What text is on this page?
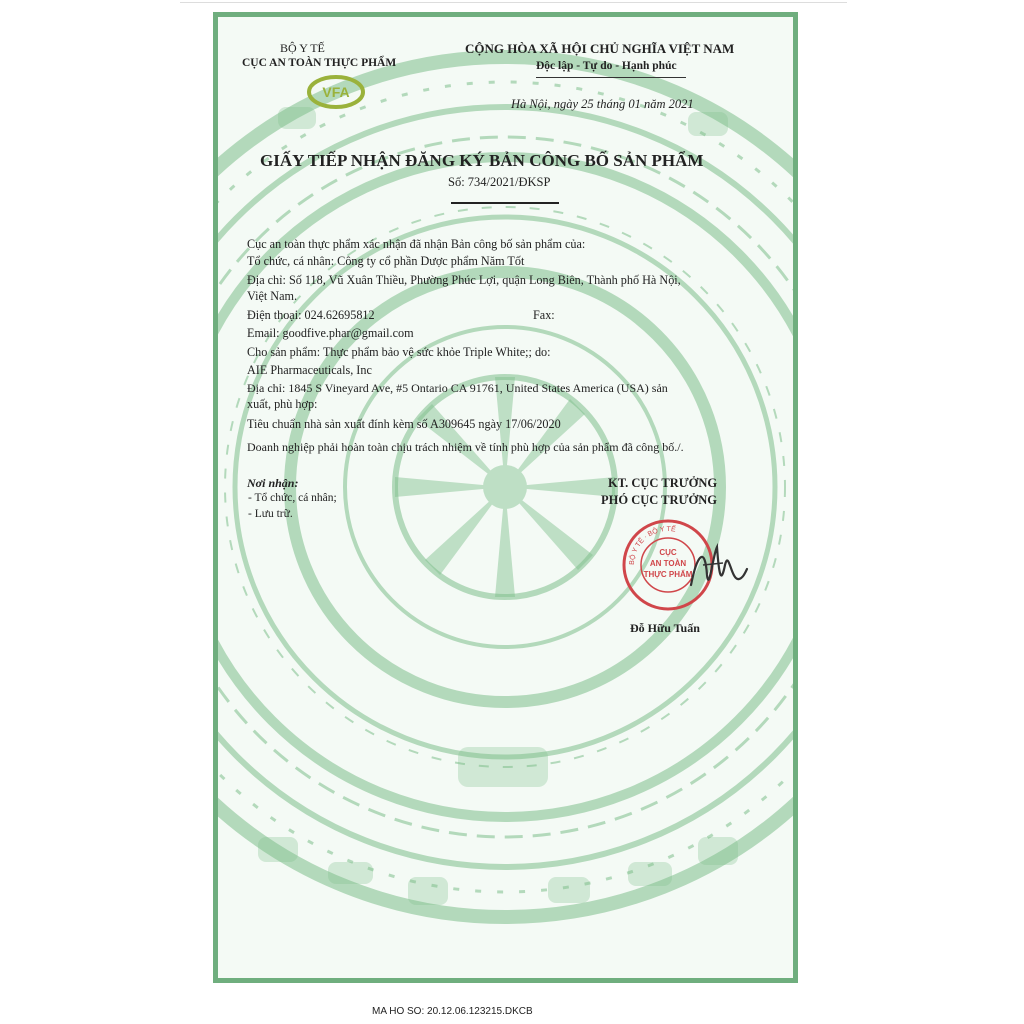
BỘ Y TẾ
CỤC AN TOÀN THỰC PHẨM
VFA
CỘNG HÒA XÃ HỘI CHỦ NGHĨA VIỆT NAM
Độc lập - Tự do - Hạnh phúc
Hà Nội, ngày 25 tháng 01 năm 2021
GIẤY TIẾP NHẬN ĐĂNG KÝ BẢN CÔNG BỐ SẢN PHẨM
Số: 734/2021/ĐKSP
Cục an toàn thực phẩm xác nhận đã nhận Bản công bố sản phẩm của:
Tổ chức, cá nhân: Công ty cổ phần Dược phẩm Năm Tốt
Địa chỉ: Số 118, Vũ Xuân Thiều, Phường Phúc Lợi, quận Long Biên, Thành phố Hà Nội,
Việt Nam.
Điện thoại: 024.62695812	Fax:
Email: goodfive.phar@gmail.com
Cho sản phẩm: Thực phẩm bảo vệ sức khỏe Triple White;; do:
AIE Pharmaceuticals, Inc
Địa chỉ: 1845 S Vineyard Ave, #5 Ontario CA 91761, United States America (USA) sản
xuất, phù hợp:
Tiêu chuẩn nhà sản xuất đính kèm số A309645 ngày 17/06/2020
Doanh nghiệp phải hoàn toàn chịu trách nhiệm về tính phù hợp của sản phẩm đã công bố./.
Nơi nhận:
- Tổ chức, cá nhân;
- Lưu trữ.
KT. CỤC TRƯỞNG
PHÓ CỤC TRƯỞNG
BỘ Y TẾ · BỘ Y TẾ
CỤC
AN TOÀN
THỰC PHẨM
Đỗ Hữu Tuấn
MA HO SO: 20.12.06.123215.DKCB
